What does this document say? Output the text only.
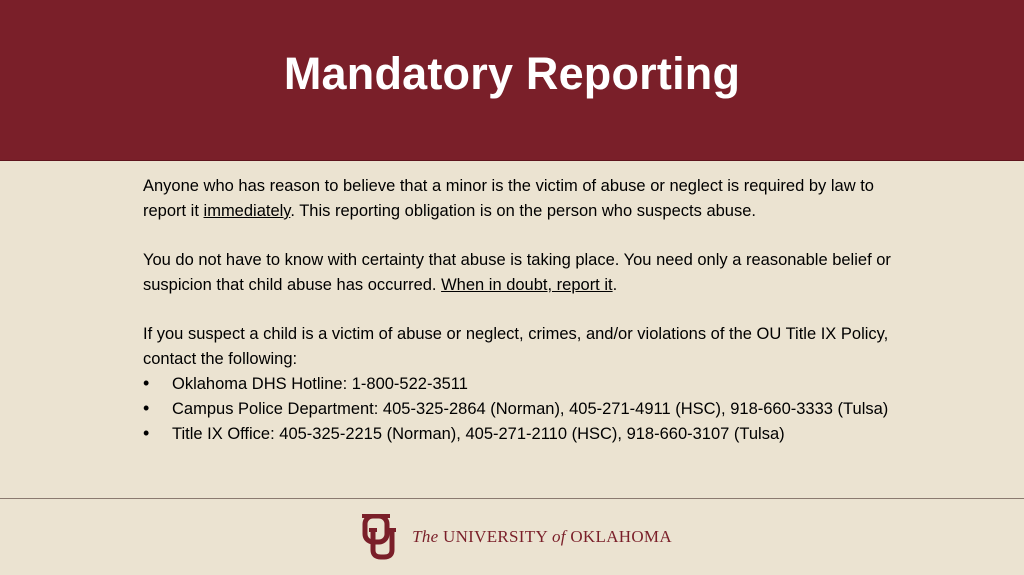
Mandatory Reporting

Anyone who has reason to believe that a minor is the victim of abuse or neglect is required by law to report it immediately. This reporting obligation is on the person who suspects abuse.

You do not have to know with certainty that abuse is taking place. You need only a reasonable belief or suspicion that child abuse has occurred. When in doubt, report it.

If you suspect a child is a victim of abuse or neglect, crimes, and/or violations of the OU Title IX Policy, contact the following:

• Oklahoma DHS Hotline: 1-800-522-3511
• Campus Police Department: 405-325-2864 (Norman), 405-271-4911 (HSC), 918-660-3333 (Tulsa)
• Title IX Office: 405-325-2215 (Norman), 405-271-2110 (HSC), 918-660-3107 (Tulsa)
The UNIVERSITY of OKLAHOMA
